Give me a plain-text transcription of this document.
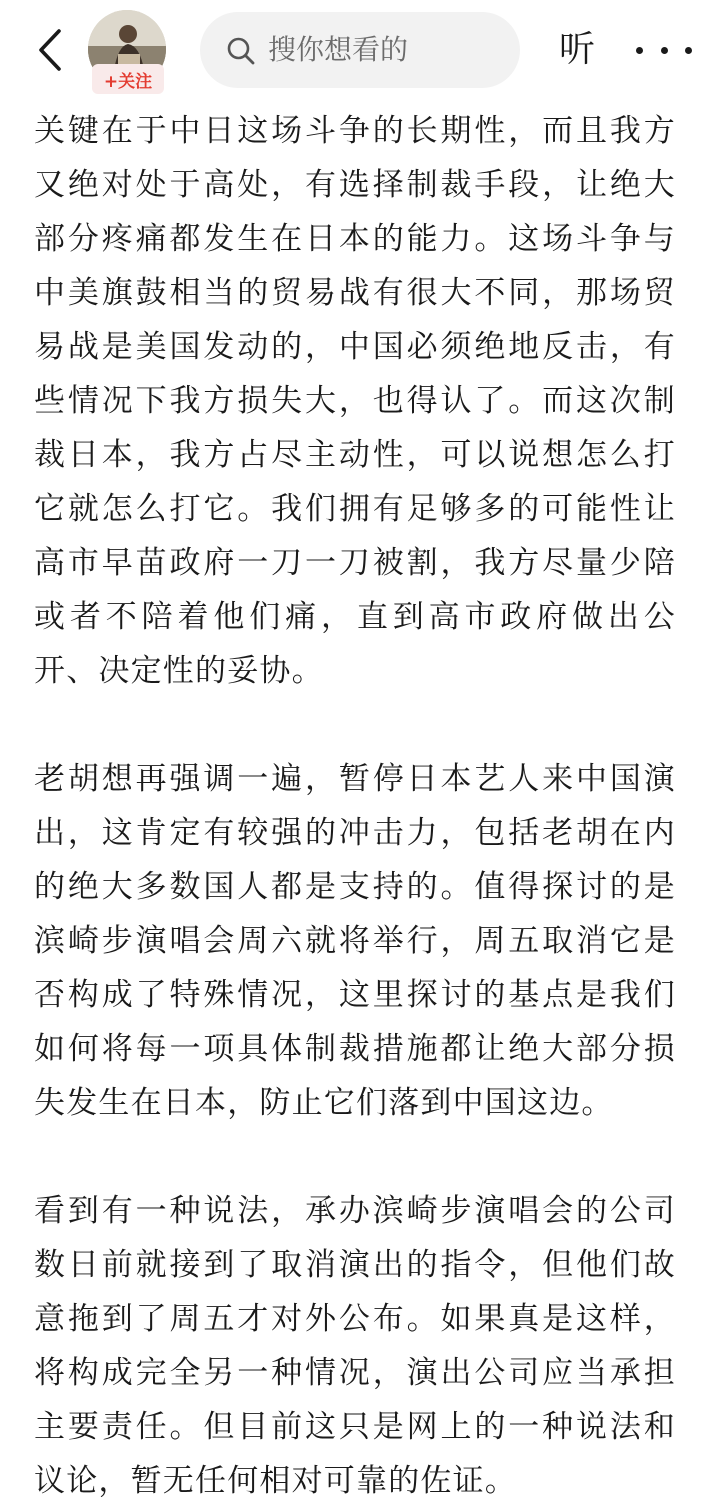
+关注
搜你想看的	听

关键在于中日这场斗争的长期性，而且我方又绝对处于高处，有选择制裁手段，让绝大部分疼痛都发生在日本的能力。这场斗争与中美旗鼓相当的贸易战有很大不同，那场贸易战是美国发动的，中国必须绝地反击，有些情况下我方损失大，也得认了。而这次制裁日本，我方占尽主动性，可以说想怎么打它就怎么打它。我们拥有足够多的可能性让高市早苗政府一刀一刀被割，我方尽量少陪或者不陪着他们痛，直到高市政府做出公开、决定性的妥协。

老胡想再强调一遍，暂停日本艺人来中国演出，这肯定有较强的冲击力，包括老胡在内的绝大多数国人都是支持的。值得探讨的是滨崎步演唱会周六就将举行，周五取消它是否构成了特殊情况，这里探讨的基点是我们如何将每一项具体制裁措施都让绝大部分损失发生在日本，防止它们落到中国这边。

看到有一种说法，承办滨崎步演唱会的公司数日前就接到了取消演出的指令，但他们故意拖到了周五才对外公布。如果真是这样，将构成完全另一种情况，演出公司应当承担主要责任。但目前这只是网上的一种说法和议论，暂无任何相对可靠的佐证。
